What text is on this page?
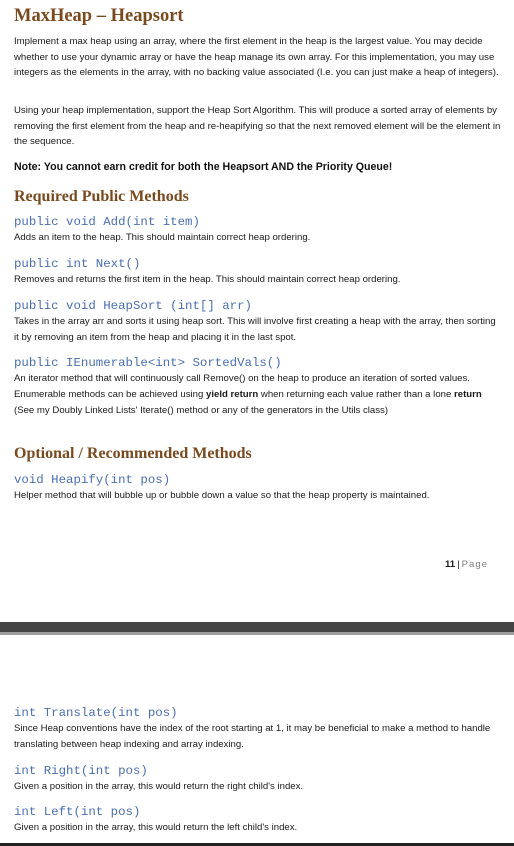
MaxHeap – Heapsort
Implement a max heap using an array, where the first element in the heap is the largest value. You may decide whether to use your dynamic array or have the heap manage its own array. For this implementation, you may use integers as the elements in the array, with no backing value associated (I.e. you can just make a heap of integers).
Using your heap implementation, support the Heap Sort Algorithm. This will produce a sorted array of elements by removing the first element from the heap and re-heapifying so that the next removed element will be the element in the sequence.
Note: You cannot earn credit for both the Heapsort AND the Priority Queue!
Required Public Methods
public void Add(int item)
Adds an item to the heap. This should maintain correct heap ordering.
public int Next()
Removes and returns the first item in the heap. This should maintain correct heap ordering.
public void HeapSort (int[] arr)
Takes in the array arr and sorts it using heap sort. This will involve first creating a heap with the array, then sorting it by removing an item from the heap and placing it in the last spot.
public IEnumerable<int> SortedVals()
An iterator method that will continuously call Remove() on the heap to produce an iteration of sorted values. Enumerable methods can be achieved using yield return when returning each value rather than a lone return (See my Doubly Linked Lists' Iterate() method or any of the generators in the Utils class)
Optional / Recommended Methods
void Heapify(int pos)
Helper method that will bubble up or bubble down a value so that the heap property is maintained.
11 | Page
int Translate(int pos)
Since Heap conventions have the index of the root starting at 1, it may be beneficial to make a method to handle translating between heap indexing and array indexing.
int Right(int pos)
Given a position in the array, this would return the right child's index.
int Left(int pos)
Given a position in the array, this would return the left child's index.
